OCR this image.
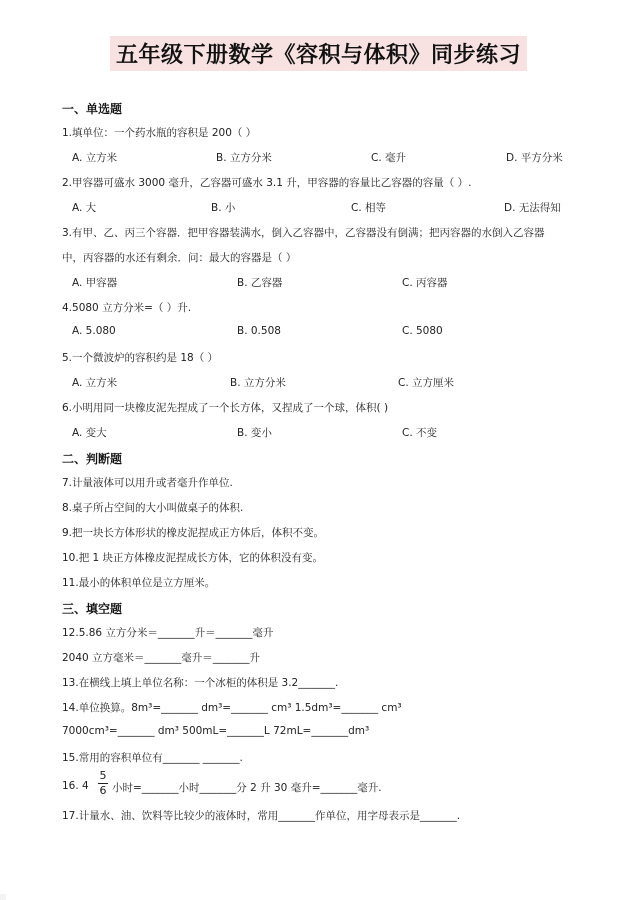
五年级下册数学《容积与体积》同步练习
一、单选题
1.填单位：一个药水瓶的容积是 200（ ）
A. 立方米	B. 立方分米	C. 毫升	D. 平方分米
2.甲容器可盛水 3000 毫升，乙容器可盛水 3.1 升，甲容器的容量比乙容器的容量（ ）.
A. 大	B. 小	C. 相等	D. 无法得知
3.有甲、乙、丙三个容器．把甲容器装满水，倒入乙容器中，乙容器没有倒满；把丙容器的水倒入乙容器
中，丙容器的水还有剩余．问：最大的容器是（ ）
A. 甲容器	B. 乙容器	C. 丙容器
4.5080 立方分米=（ ）升.
A. 5.080	B. 0.508	C. 5080
5.一个微波炉的容积约是 18（ ）
A. 立方米	B. 立方分米	C. 立方厘米
6.小明用同一块橡皮泥先捏成了一个长方体，又捏成了一个球，体积( )
A. 变大	B. 变小	C. 不变
二、判断题
7.计量液体可以用升或者毫升作单位.
8.桌子所占空间的大小叫做桌子的体积.
9.把一块长方体形状的橡皮泥捏成正方体后，体积不变。
10.把 1 块正方体橡皮泥捏成长方体，它的体积没有变。
11.最小的体积单位是立方厘米。
三、填空题
12.5.86 立方分米＝_______升＝_______毫升
2040 立方毫米＝_______毫升＝_______升
13.在横线上填上单位名称：一个冰柜的体积是 3.2_______.
14.单位换算。8m³=_______ dm³=_______ cm³ 1.5dm³=_______ cm³
7000cm³=_______ dm³ 500mL=_______L 72mL=_______dm³
15.常用的容积单位有_______ _______.
16. 4
5
6 小时=_______小时_______分 2 升 30 毫升=_______毫升.
17.计量水、油、饮料等比较少的液体时，常用_______作单位，用字母表示是_______.
